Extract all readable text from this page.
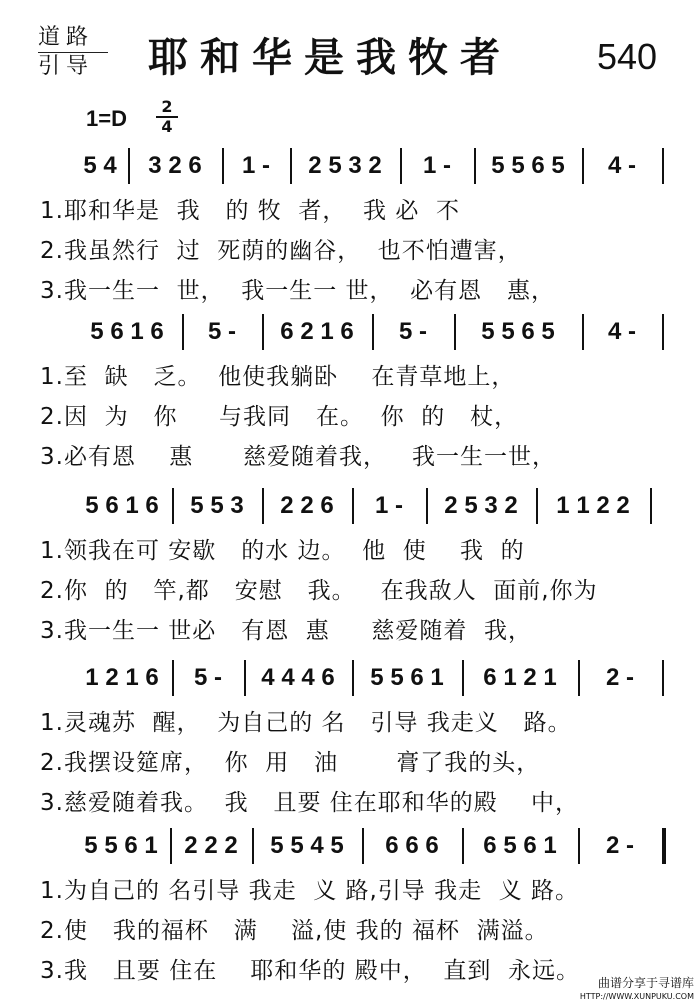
道路
引导	耶和华是我牧者 540
$1=D \frac{2}{4}$
5 4	3 2 6	1 -	2 5 3 2	1 -	5 5 6 5	4 -
1.耶和华是  我   的 牧  者，  我 必  不
2.我虽然行  过  死荫的幽谷，  也不怕遭害，
3.我一生一  世，  我一生一 世，  必有恩   惠，
5 6 1 6	5 -	6 2 1 6	5 -	5 5 6 5	4 -
1.至  缺   乏。  他使我躺卧    在青草地上，
2.因  为   你     与我同   在。  你  的   杖，
3.必有恩    惠      慈爱随着我，   我一生一世，
5 6 1 6	5 5 3	2 2 6	1 -	2 5 3 2	1 1 2 2
1.领我在可 安歇   的水 边。  他  使    我  的
2.你  的   竿,都   安慰   我。   在我敌人  面前,你为
3.我一生一 世必   有恩  惠     慈爱随着  我，
1 2 1 6	5 -	4 4 4 6	5 5 6 1	6 1 2 1	2 -
1.灵魂苏  醒，  为自己的 名   引导 我走义   路。
2.我摆设筵席，  你  用   油       膏了我的头，
3.慈爱随着我。  我   且要 住在耶和华的殿    中，
5 5 6 1	2 2 2	5 5 4 5	6 6 6	6 5 6 1	2 -
1.为自己的 名引导 我走  义 路,引导 我走  义 路。
2.使   我的福杯   满    溢,使 我的 福杯  满溢。
3.我   且要 住在    耶和华的 殿中，  直到  永远。	曲谱分享于寻谱库
HTTP://WWW.XUNPUKU.COM
